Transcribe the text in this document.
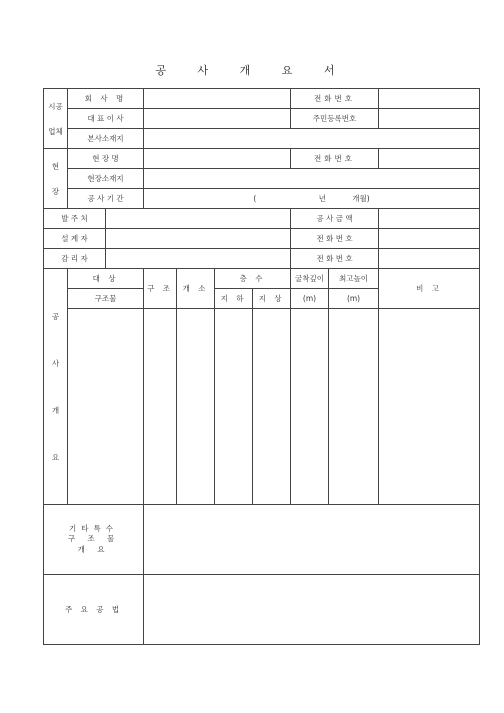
공 사 개 요 서
시공
업체	회 사 명						전화번호		
	대 표 이 사						주민등록번호		
	본사소재지								

현
장	현 장 명						전화번호		
	현장소재지								
	공 사 기 간		( 년 개월)						
발 주 처							공 사 금 액		
설 계 자							전 화 번 호		
감 리 자							전 화 번 호		

공
사
개
요	대 상		구 조	개 소	층 수		굴착깊이	최고높이	비 고
	구조물				지 하	지 상	(m)	(m)	

기타특수
구 조 물
개 요									

주 요 공 법									
